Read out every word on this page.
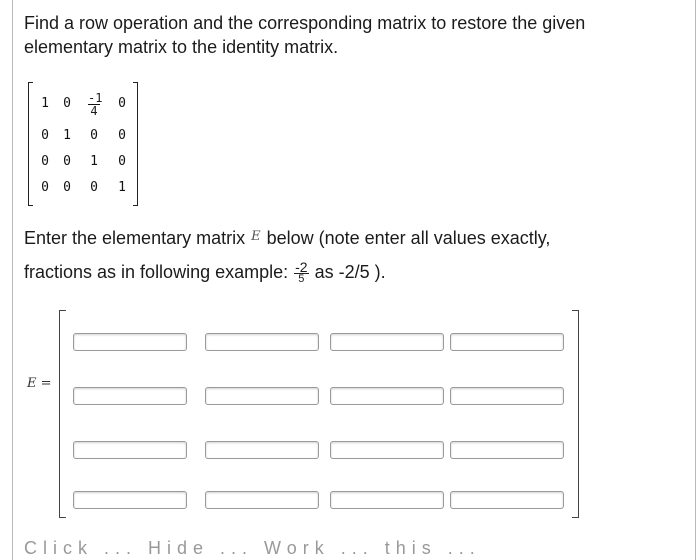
Find a row operation and the corresponding matrix to restore the given elementary matrix to the identity matrix.
1	0	$\frac{-1}{4}$	0
0	1	0	0
0	0	1	0
0	0	0	1
Enter the elementary matrix $^E$ below (note enter all values exactly,
fractions as in following example: $\frac{-2}{5}$ as -2/5 ).
E =
Click ... Hide ... Work ... this ...
